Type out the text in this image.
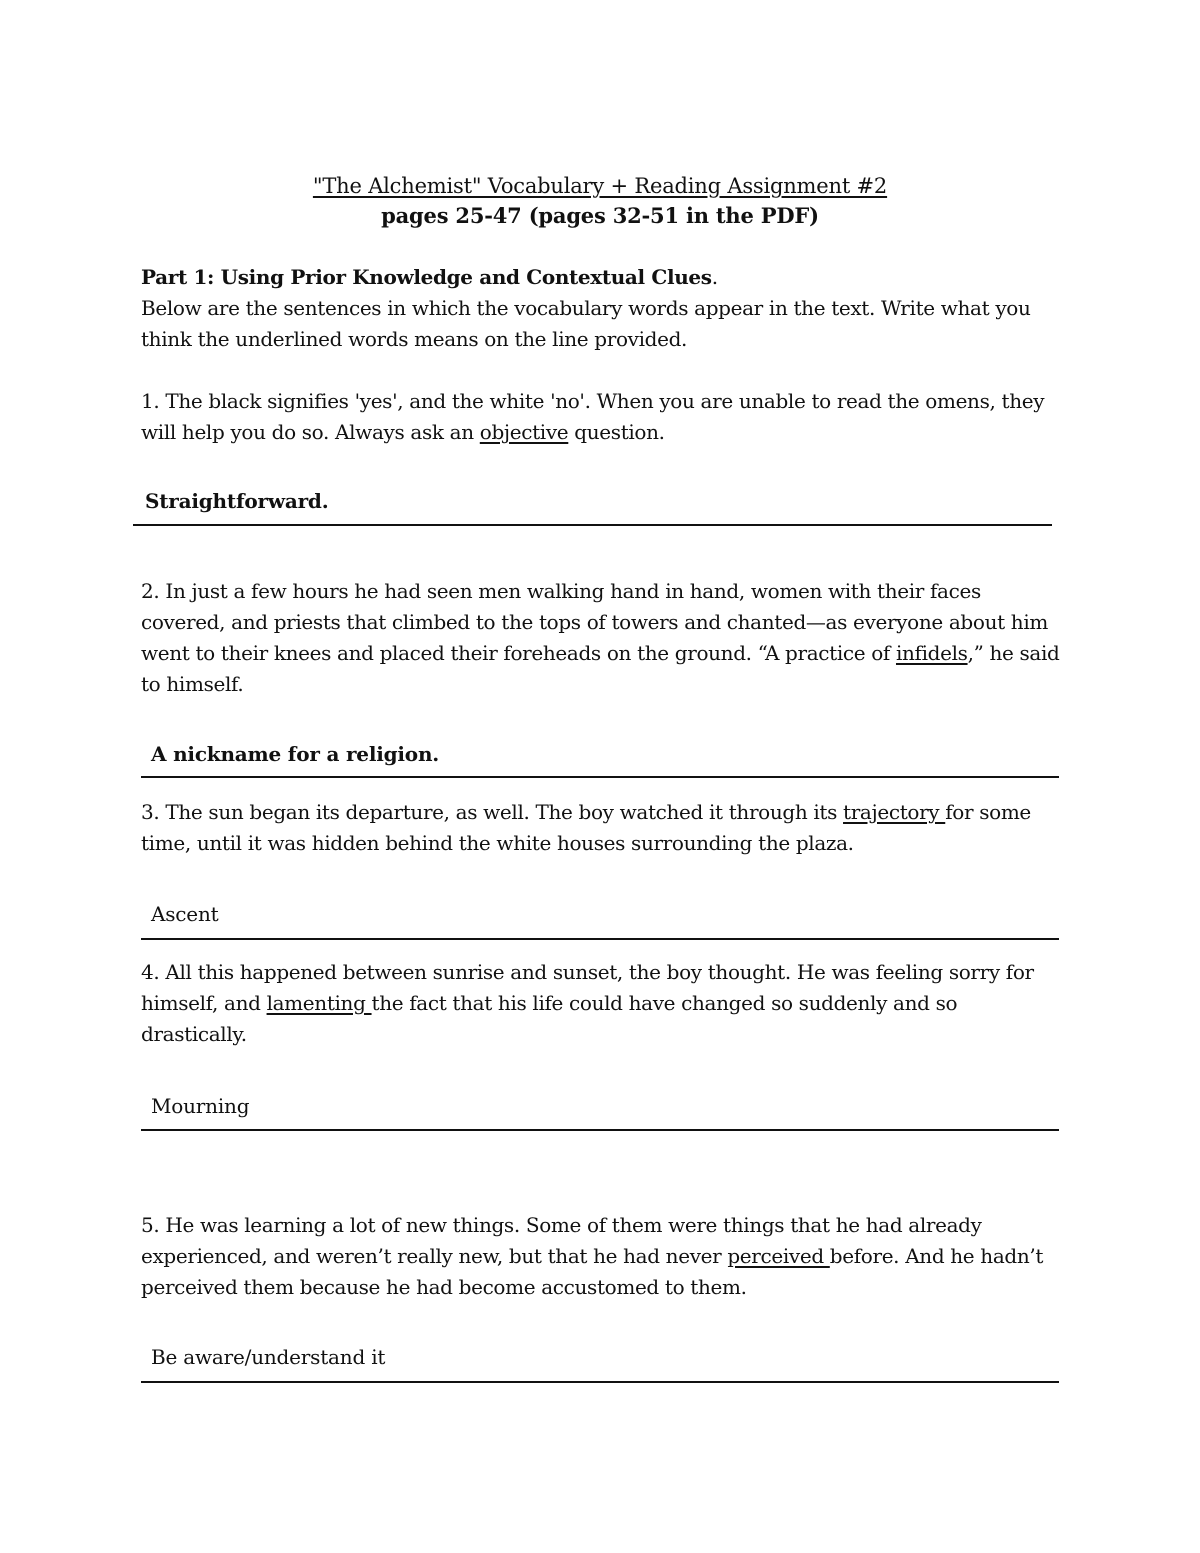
"The Alchemist" Vocabulary + Reading Assignment #2
pages 25-47 (pages 32-51 in the PDF)

Part 1: Using Prior Knowledge and Contextual Clues.
Below are the sentences in which the vocabulary words appear in the text. Write what you think the underlined words means on the line provided.

1. The black signifies 'yes', and the white 'no'. When you are unable to read the omens, they will help you do so. Always ask an objective question.

Straightforward.

2. In just a few hours he had seen men walking hand in hand, women with their faces covered, and priests that climbed to the tops of towers and chanted—as everyone about him went to their knees and placed their foreheads on the ground. “A practice of infidels,” he said to himself.

A nickname for a religion.

3. The sun began its departure, as well. The boy watched it through its trajectory for some time, until it was hidden behind the white houses surrounding the plaza.

Ascent

4. All this happened between sunrise and sunset, the boy thought. He was feeling sorry for himself, and lamenting the fact that his life could have changed so suddenly and so drastically.

Mourning

5. He was learning a lot of new things. Some of them were things that he had already experienced, and weren’t really new, but that he had never perceived before. And he hadn’t perceived them because he had become accustomed to them.

Be aware/understand it
